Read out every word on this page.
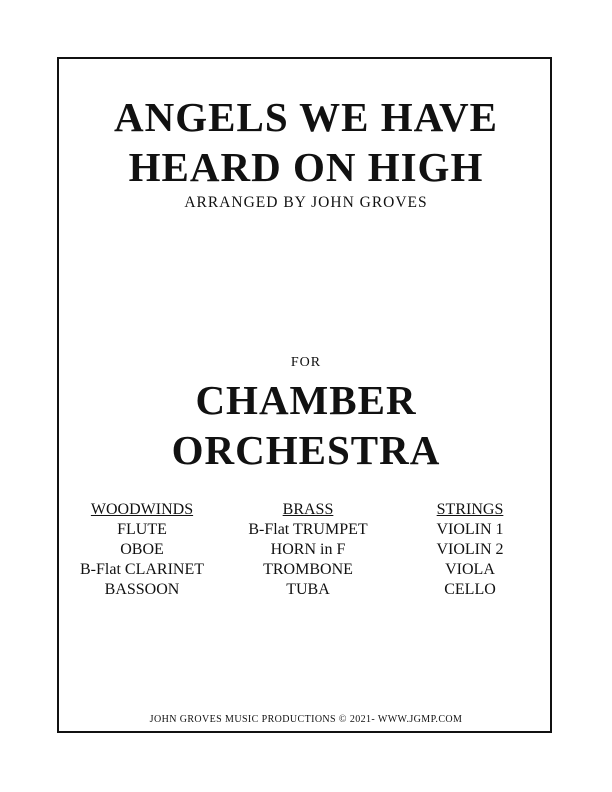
ANGELS WE HAVE
HEARD ON HIGH
ARRANGED BY JOHN GROVES
FOR
CHAMBER
ORCHESTRA
WOODWINDS
FLUTE
OBOE
B-Flat CLARINET
BASSOON
BRASS
B-Flat TRUMPET
HORN in F
TROMBONE
TUBA
STRINGS
VIOLIN 1
VIOLIN 2
VIOLA
CELLO
JOHN GROVES MUSIC PRODUCTIONS © 2021- WWW.JGMP.COM
